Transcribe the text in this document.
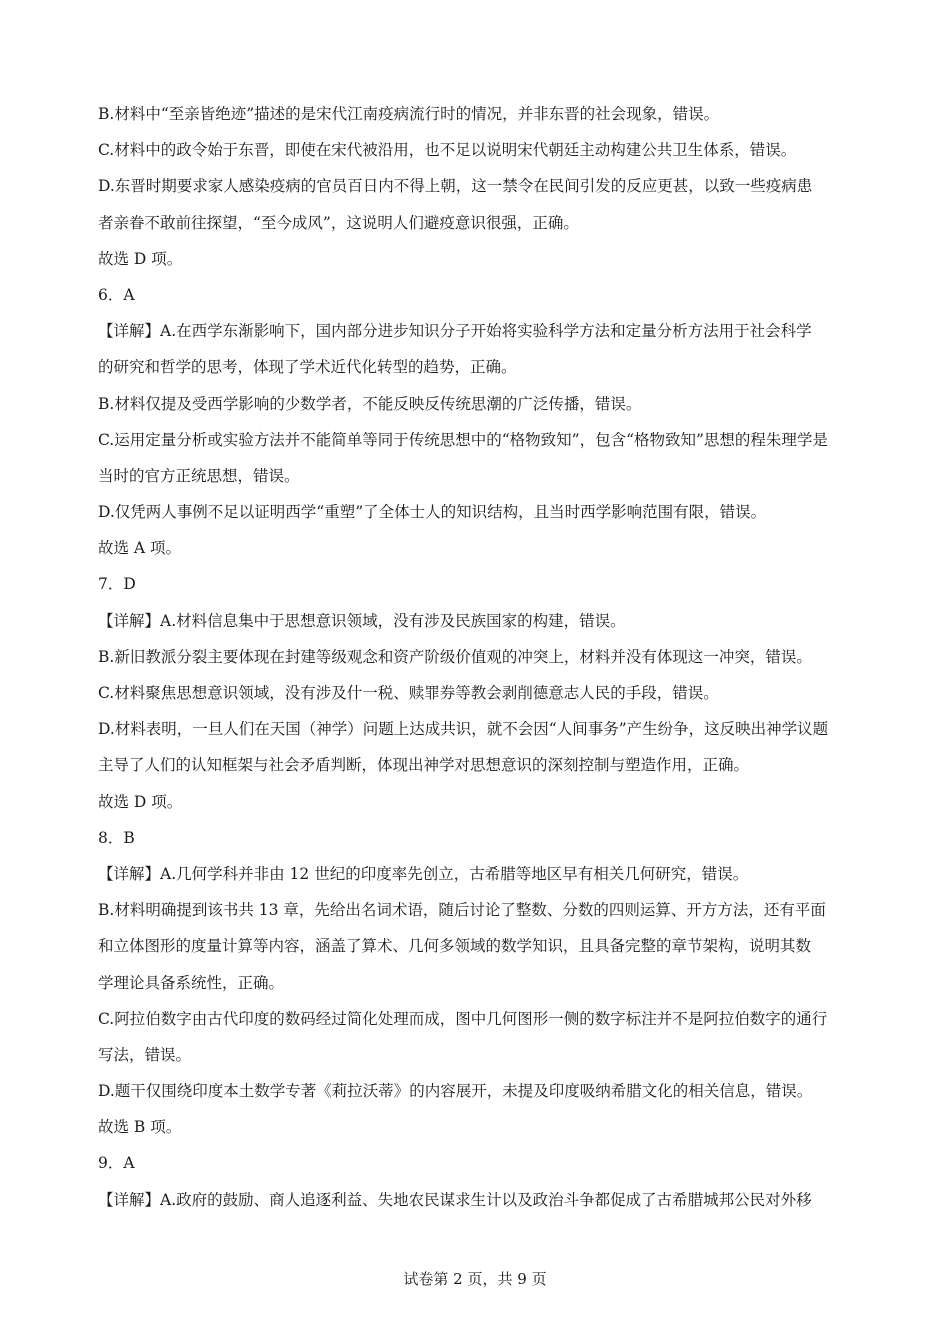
B.材料中“至亲皆绝迹”描述的是宋代江南疫病流行时的情况，并非东晋的社会现象，错误。
C.材料中的政令始于东晋，即使在宋代被沿用，也不足以说明宋代朝廷主动构建公共卫生体系，错误。
D.东晋时期要求家人感染疫病的官员百日内不得上朝，这一禁令在民间引发的反应更甚，以致一些疫病患
者亲眷不敢前往探望，“至今成风”，这说明人们避疫意识很强，正确。
故选 D 项。
6．A
【详解】A.在西学东渐影响下，国内部分进步知识分子开始将实验科学方法和定量分析方法用于社会科学
的研究和哲学的思考，体现了学术近代化转型的趋势，正确。
B.材料仅提及受西学影响的少数学者，不能反映反传统思潮的广泛传播，错误。
C.运用定量分析或实验方法并不能简单等同于传统思想中的“格物致知”，包含“格物致知”思想的程朱理学是
当时的官方正统思想，错误。
D.仅凭两人事例不足以证明西学“重塑”了全体士人的知识结构，且当时西学影响范围有限，错误。
故选 A 项。
7．D
【详解】A.材料信息集中于思想意识领域，没有涉及民族国家的构建，错误。
B.新旧教派分裂主要体现在封建等级观念和资产阶级价值观的冲突上，材料并没有体现这一冲突，错误。
C.材料聚焦思想意识领域，没有涉及什一税、赎罪券等教会剥削德意志人民的手段，错误。
D.材料表明，一旦人们在天国（神学）问题上达成共识，就不会因“人间事务”产生纷争，这反映出神学议题
主导了人们的认知框架与社会矛盾判断，体现出神学对思想意识的深刻控制与塑造作用，正确。
故选 D 项。
8．B
【详解】A.几何学科并非由 12 世纪的印度率先创立，古希腊等地区早有相关几何研究，错误。
B.材料明确提到该书共 13 章，先给出名词术语，随后讨论了整数、分数的四则运算、开方方法，还有平面
和立体图形的度量计算等内容，涵盖了算术、几何多领域的数学知识，且具备完整的章节架构，说明其数
学理论具备系统性，正确。
C.阿拉伯数字由古代印度的数码经过简化处理而成，图中几何图形一侧的数字标注并不是阿拉伯数字的通行
写法，错误。
D.题干仅围绕印度本土数学专著《莉拉沃蒂》的内容展开，未提及印度吸纳希腊文化的相关信息，错误。
故选 B 项。
9．A
【详解】A.政府的鼓励、商人追逐利益、失地农民谋求生计以及政治斗争都促成了古希腊城邦公民对外移
试卷第 2 页，共 9 页
